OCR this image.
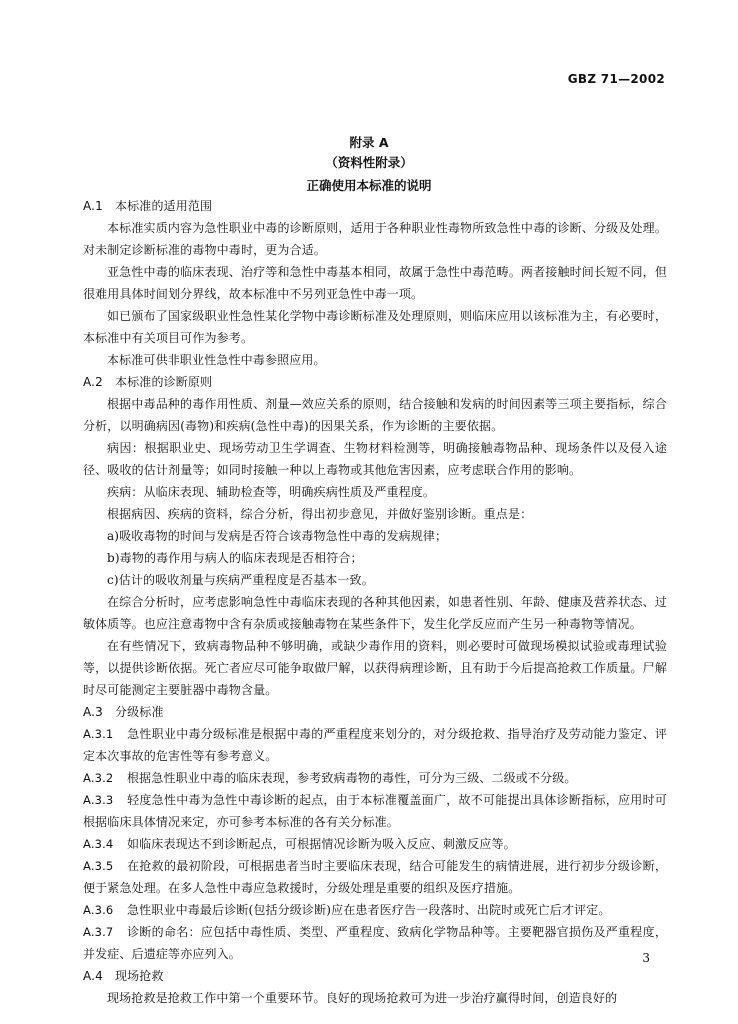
GBZ 71—2002
附录 A
（资料性附录）
正确使用本标准的说明

A.1 本标准的适用范围

本标准实质内容为急性职业中毒的诊断原则，适用于各种职业性毒物所致急性中毒的诊断、分级及处理。对未制定诊断标准的毒物中毒时，更为合适。

亚急性中毒的临床表现、治疗等和急性中毒基本相同，故属于急性中毒范畴。两者接触时间长短不同，但很难用具体时间划分界线，故本标准中不另列亚急性中毒一项。

如已颁布了国家级职业性急性某化学物中毒诊断标准及处理原则，则临床应用以该标准为主，有必要时，本标准中有关项目可作为参考。

本标准可供非职业性急性中毒参照应用。

A.2 本标准的诊断原则

根据中毒品种的毒作用性质、剂量—效应关系的原则，结合接触和发病的时间因素等三项主要指标，综合分析，以明确病因(毒物)和疾病(急性中毒)的因果关系，作为诊断的主要依据。

病因：根据职业史、现场劳动卫生学调查、生物材料检测等，明确接触毒物品种、现场条件以及侵入途径、吸收的估计剂量等；如同时接触一种以上毒物或其他危害因素，应考虑联合作用的影响。

疾病：从临床表现、辅助检查等，明确疾病性质及严重程度。

根据病因、疾病的资料，综合分析，得出初步意见，并做好鉴别诊断。重点是：

a)吸收毒物的时间与发病是否符合该毒物急性中毒的发病规律；

b)毒物的毒作用与病人的临床表现是否相符合；

c)估计的吸收剂量与疾病严重程度是否基本一致。

在综合分析时，应考虑影响急性中毒临床表现的各种其他因素，如患者性别、年龄、健康及营养状态、过敏体质等。也应注意毒物中含有杂质或接触毒物在某些条件下，发生化学反应而产生另一种毒物等情况。

在有些情况下，致病毒物品种不够明确，或缺少毒作用的资料，则必要时可做现场模拟试验或毒理试验等，以提供诊断依据。死亡者应尽可能争取做尸解，以获得病理诊断，且有助于今后提高抢救工作质量。尸解时尽可能测定主要脏器中毒物含量。

A.3 分级标准

A.3.1 急性职业中毒分级标准是根据中毒的严重程度来划分的，对分级抢救、指导治疗及劳动能力鉴定、评定本次事故的危害性等有参考意义。

A.3.2 根据急性职业中毒的临床表现，参考致病毒物的毒性，可分为三级、二级或不分级。

A.3.3 轻度急性中毒为急性中毒诊断的起点，由于本标准覆盖面广，故不可能提出具体诊断指标，应用时可根据临床具体情况来定，亦可参考本标准的各有关分标准。

A.3.4 如临床表现达不到诊断起点，可根据情况诊断为吸入反应、刺激反应等。

A.3.5 在抢救的最初阶段，可根据患者当时主要临床表现，结合可能发生的病情进展，进行初步分级诊断，便于紧急处理。在多人急性中毒应急救援时，分级处理是重要的组织及医疗措施。

A.3.6 急性职业中毒最后诊断(包括分级诊断)应在患者医疗告一段落时、出院时或死亡后才评定。

A.3.7 诊断的命名：应包括中毒性质、类型、严重程度、致病化学物品种等。主要靶器官损伤及严重程度，并发症、后遗症等亦应列入。

A.4 现场抢救

现场抢救是抢救工作中第一个重要环节。良好的现场抢救可为进一步治疗赢得时间，创造良好的

3
